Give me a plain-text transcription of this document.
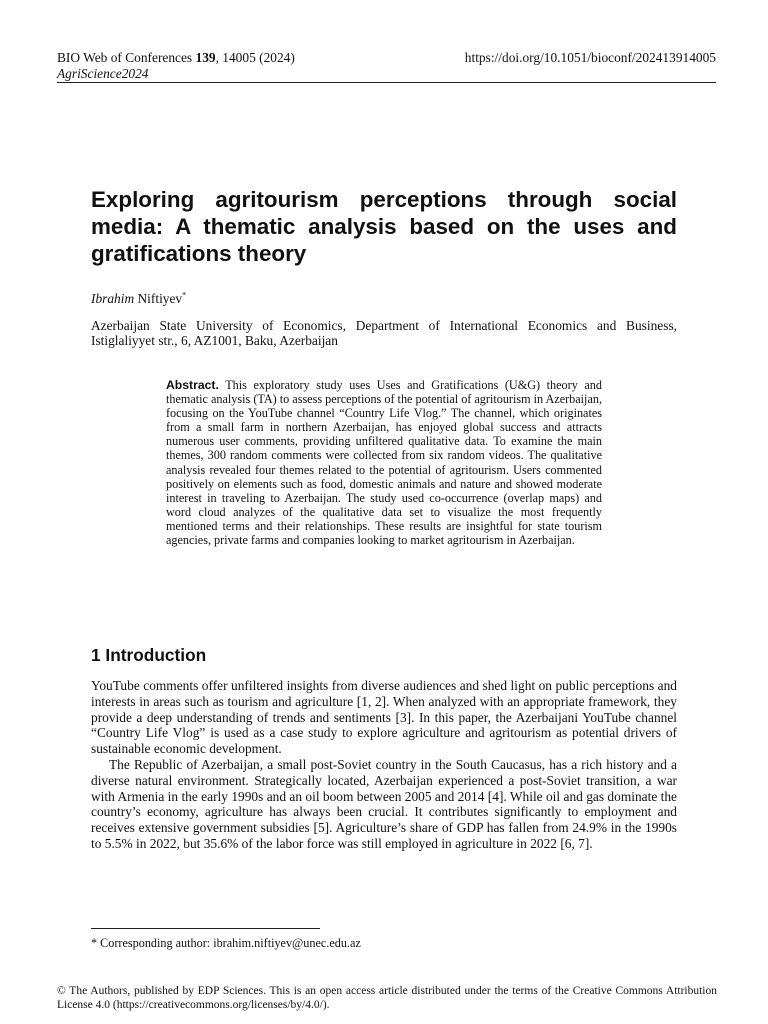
BIO Web of Conferences 139, 14005 (2024)
AgriScience2024
https://doi.org/10.1051/bioconf/202413914005
Exploring agritourism perceptions through social media: A thematic analysis based on the uses and gratifications theory
Ibrahim Niftiyev*
Azerbaijan State University of Economics, Department of International Economics and Business, Istiglaliyyet str., 6, AZ1001, Baku, Azerbaijan
Abstract. This exploratory study uses Uses and Gratifications (U&G) theory and thematic analysis (TA) to assess perceptions of the potential of agritourism in Azerbaijan, focusing on the YouTube channel “Country Life Vlog.” The channel, which originates from a small farm in northern Azerbaijan, has enjoyed global success and attracts numerous user comments, providing unfiltered qualitative data. To examine the main themes, 300 random comments were collected from six random videos. The qualitative analysis revealed four themes related to the potential of agritourism. Users commented positively on elements such as food, domestic animals and nature and showed moderate interest in traveling to Azerbaijan. The study used co-occurrence (overlap maps) and word cloud analyzes of the qualitative data set to visualize the most frequently mentioned terms and their relationships. These results are insightful for state tourism agencies, private farms and companies looking to market agritourism in Azerbaijan.
1 Introduction

YouTube comments offer unfiltered insights from diverse audiences and shed light on public perceptions and interests in areas such as tourism and agriculture [1, 2]. When analyzed with an appropriate framework, they provide a deep understanding of trends and sentiments [3]. In this paper, the Azerbaijani YouTube channel “Country Life Vlog” is used as a case study to explore agriculture and agritourism as potential drivers of sustainable economic development.

The Republic of Azerbaijan, a small post-Soviet country in the South Caucasus, has a rich history and a diverse natural environment. Strategically located, Azerbaijan experienced a post-Soviet transition, a war with Armenia in the early 1990s and an oil boom between 2005 and 2014 [4]. While oil and gas dominate the country’s economy, agriculture has always been crucial. It contributes significantly to employment and receives extensive government subsidies [5]. Agriculture’s share of GDP has fallen from 24.9% in the 1990s to 5.5% in 2022, but 35.6% of the labor force was still employed in agriculture in 2022 [6, 7].

* Corresponding author: ibrahim.niftiyev@unec.edu.az
© The Authors, published by EDP Sciences. This is an open access article distributed under the terms of the Creative Commons Attribution License 4.0 (https://creativecommons.org/licenses/by/4.0/).
